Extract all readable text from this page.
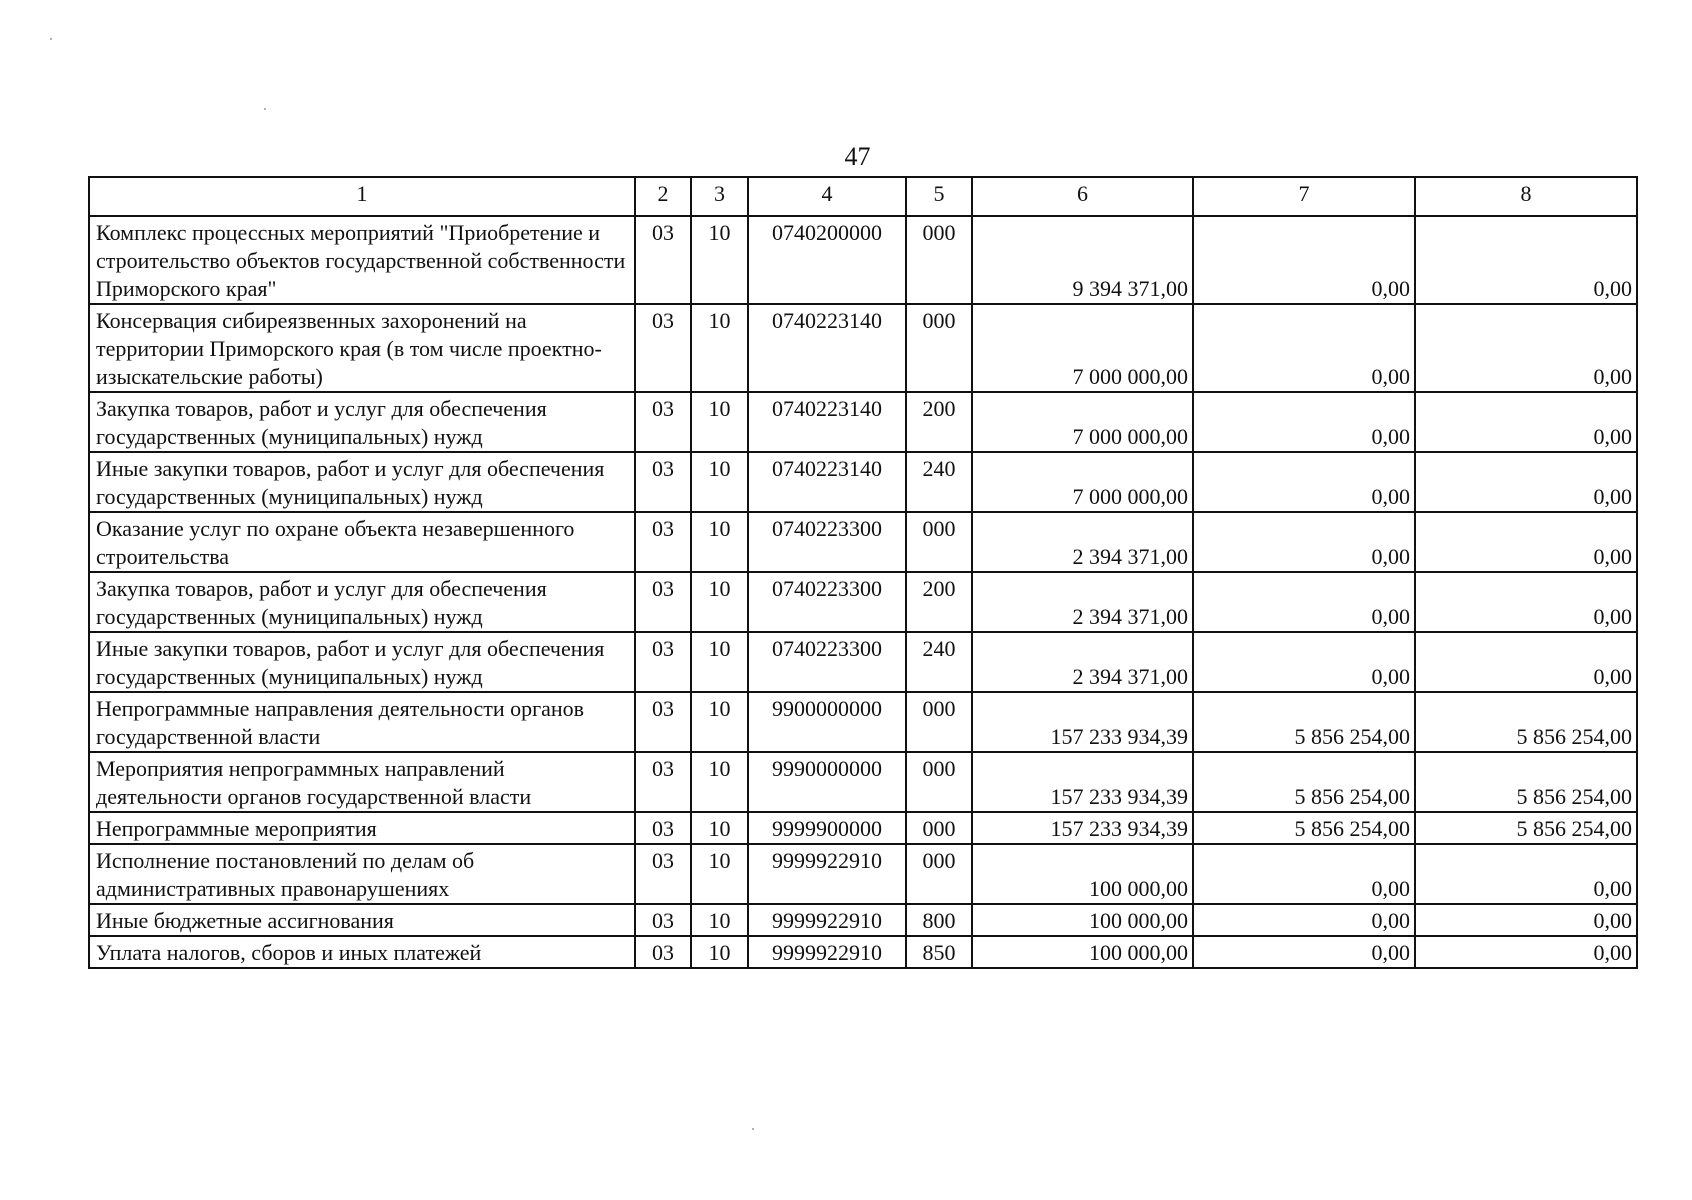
47
1	2	3	4	5	6	7	8
Комплекс процессных мероприятий "Приобретение и строительство объектов государственной собственности Приморского края"	03	10	0740200000	000	9 394 371,00	0,00	0,00
Консервация сибиреязвенных захоронений на территории Приморского края (в том числе проектно-изыскательские работы)	03	10	0740223140	000	7 000 000,00	0,00	0,00
Закупка товаров, работ и услуг для обеспечения государственных (муниципальных) нужд	03	10	0740223140	200	7 000 000,00	0,00	0,00
Иные закупки товаров, работ и услуг для обеспечения государственных (муниципальных) нужд	03	10	0740223140	240	7 000 000,00	0,00	0,00
Оказание услуг по охране объекта незавершенного строительства	03	10	0740223300	000	2 394 371,00	0,00	0,00
Закупка товаров, работ и услуг для обеспечения государственных (муниципальных) нужд	03	10	0740223300	200	2 394 371,00	0,00	0,00
Иные закупки товаров, работ и услуг для обеспечения государственных (муниципальных) нужд	03	10	0740223300	240	2 394 371,00	0,00	0,00
Непрограммные направления деятельности органов государственной власти	03	10	9900000000	000	157 233 934,39	5 856 254,00	5 856 254,00
Мероприятия непрограммных направлений деятельности органов государственной власти	03	10	9990000000	000	157 233 934,39	5 856 254,00	5 856 254,00
Непрограммные мероприятия	03	10	9999900000	000	157 233 934,39	5 856 254,00	5 856 254,00
Исполнение постановлений по делам об административных правонарушениях	03	10	9999922910	000	100 000,00	0,00	0,00
Иные бюджетные ассигнования	03	10	9999922910	800	100 000,00	0,00	0,00
Уплата налогов, сборов и иных платежей	03	10	9999922910	850	100 000,00	0,00	0,00
